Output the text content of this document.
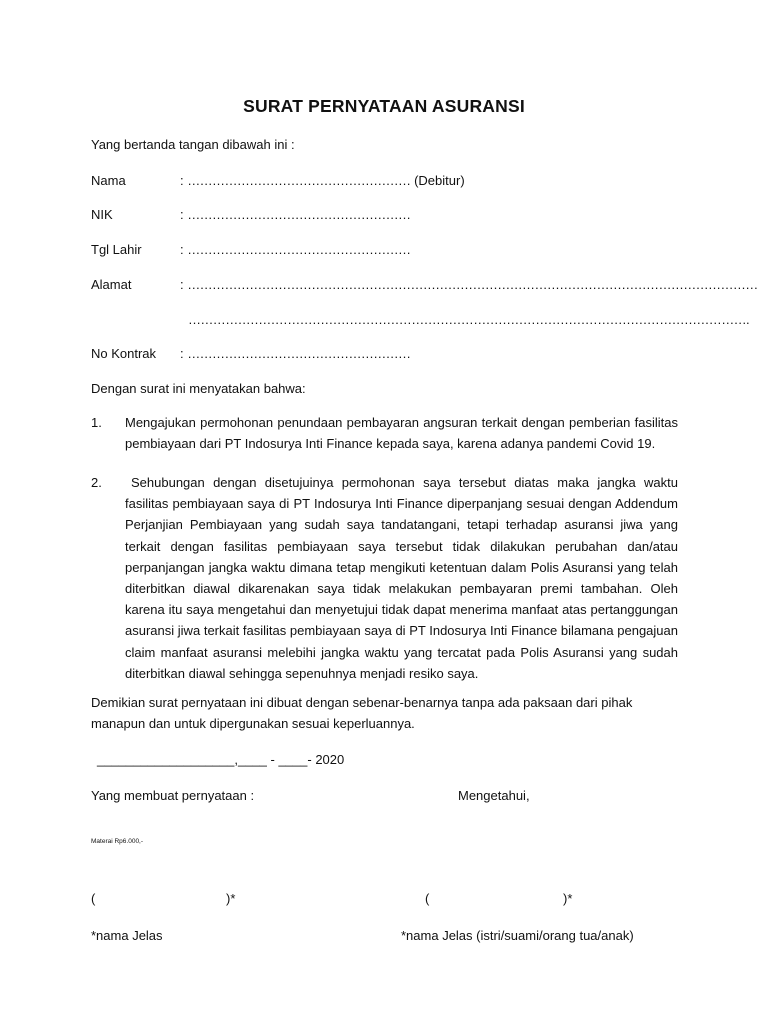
SURAT PERNYATAAN ASURANSI
Yang bertanda tangan dibawah ini :
Nama	: ……………………………………………… (Debitur)
NIK	: ………………………………………………
Tgl Lahir	: ………………………………………………
Alamat	: …………………………………………………………………………………………………………………………
……………………………………………………………………………………………………………………….
No Kontrak : ………………………………………………
Dengan surat ini menyatakan bahwa:
1. Mengajukan permohonan penundaan pembayaran angsuran terkait dengan pemberian fasilitas pembiayaan dari PT Indosurya Inti Finance kepada saya, karena adanya pandemi Covid 19.
2.	Sehubungan dengan disetujuinya permohonan saya tersebut diatas maka jangka waktu fasilitas pembiayaan saya di PT Indosurya Inti Finance diperpanjang sesuai dengan Addendum Perjanjian Pembiayaan yang sudah saya tandatangani, tetapi terhadap asuransi jiwa yang terkait dengan fasilitas pembiayaan saya tersebut tidak dilakukan perubahan dan/atau perpanjangan jangka waktu dimana tetap mengikuti ketentuan dalam Polis Asuransi yang telah diterbitkan diawal dikarenakan saya tidak melakukan pembayaran premi tambahan. Oleh karena itu saya mengetahui dan menyetujui tidak dapat menerima manfaat atas pertanggungan asuransi jiwa terkait fasilitas pembiayaan saya di PT Indosurya Inti Finance bilamana pengajuan claim manfaat asuransi melebihi jangka waktu yang tercatat pada Polis Asuransi yang sudah diterbitkan diawal sehingga sepenuhnya menjadi resiko saya.
Demikian surat pernyataan ini dibuat dengan sebenar-benarnya tanpa ada paksaan dari pihak manapun dan untuk dipergunakan sesuai keperluannya.
___________________,____ - ____- 2020
Yang membuat pernyataan :	Mengetahui,
Materai Rp6.000,-
(	)*	(	)*
*nama Jelas	*nama Jelas (istri/suami/orang tua/anak)
